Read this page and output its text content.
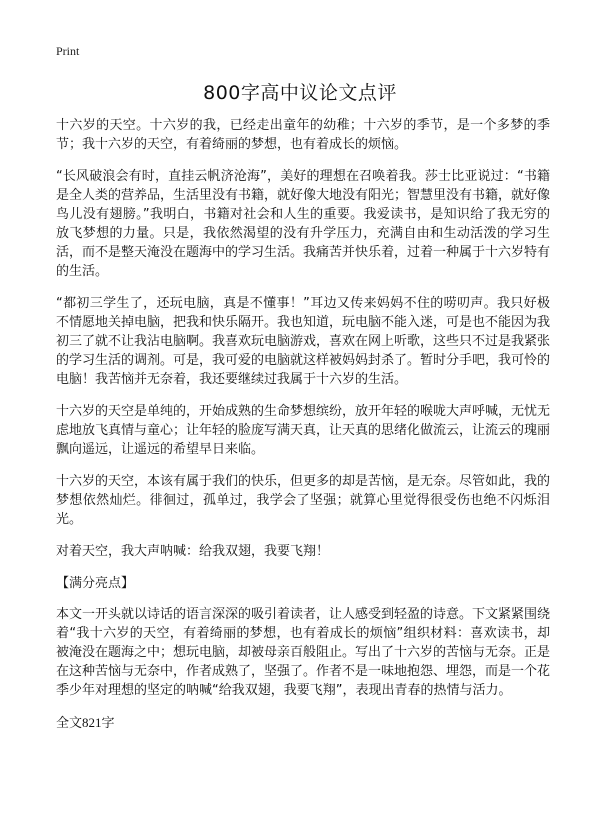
Print
800字高中议论文点评

十六岁的天空。十六岁的我，已经走出童年的幼稚；十六岁的季节，是一个多梦的季节；我十六岁的天空，有着绮丽的梦想，也有着成长的烦恼。

“长风破浪会有时，直挂云帆济沧海”，美好的理想在召唤着我。莎士比亚说过：“书籍是全人类的营养品，生活里没有书籍，就好像大地没有阳光；智慧里没有书籍，就好像鸟儿没有翅膀。”我明白，书籍对社会和人生的重要。我爱读书，是知识给了我无穷的放飞梦想的力量。只是，我依然渴望的没有升学压力，充满自由和生动活泼的学习生活，而不是整天淹没在题海中的学习生活。我痛苦并快乐着，过着一种属于十六岁特有的生活。

“都初三学生了，还玩电脑，真是不懂事！”耳边又传来妈妈不住的唠叨声。我只好极不情愿地关掉电脑，把我和快乐隔开。我也知道，玩电脑不能入迷，可是也不能因为我初三了就不让我沾电脑啊。我喜欢玩电脑游戏，喜欢在网上听歌，这些只不过是我紧张的学习生活的调剂。可是，我可爱的电脑就这样被妈妈封杀了。暂时分手吧，我可怜的电脑！我苦恼并无奈着，我还要继续过我属于十六岁的生活。

十六岁的天空是单纯的，开始成熟的生命梦想缤纷，放开年轻的喉咙大声呼喊，无忧无虑地放飞真情与童心；让年轻的脸庞写满天真，让天真的思绪化做流云，让流云的瑰丽飘向遥远，让遥远的希望早日来临。

十六岁的天空，本该有属于我们的快乐，但更多的却是苦恼，是无奈。尽管如此，我的梦想依然灿烂。徘徊过，孤单过，我学会了坚强；就算心里觉得很受伤也绝不闪烁泪光。

对着天空，我大声呐喊：给我双翅，我要飞翔！

【满分亮点】

本文一开头就以诗话的语言深深的吸引着读者，让人感受到轻盈的诗意。下文紧紧围绕着“我十六岁的天空，有着绮丽的梦想，也有着成长的烦恼”组织材料：喜欢读书，却被淹没在题海之中；想玩电脑，却被母亲百般阻止。写出了十六岁的苦恼与无奈。正是在这种苦恼与无奈中，作者成熟了，坚强了。作者不是一味地抱怨、埋怨，而是一个花季少年对理想的坚定的呐喊“给我双翅，我要飞翔”，表现出青春的热情与活力。

全文821字
